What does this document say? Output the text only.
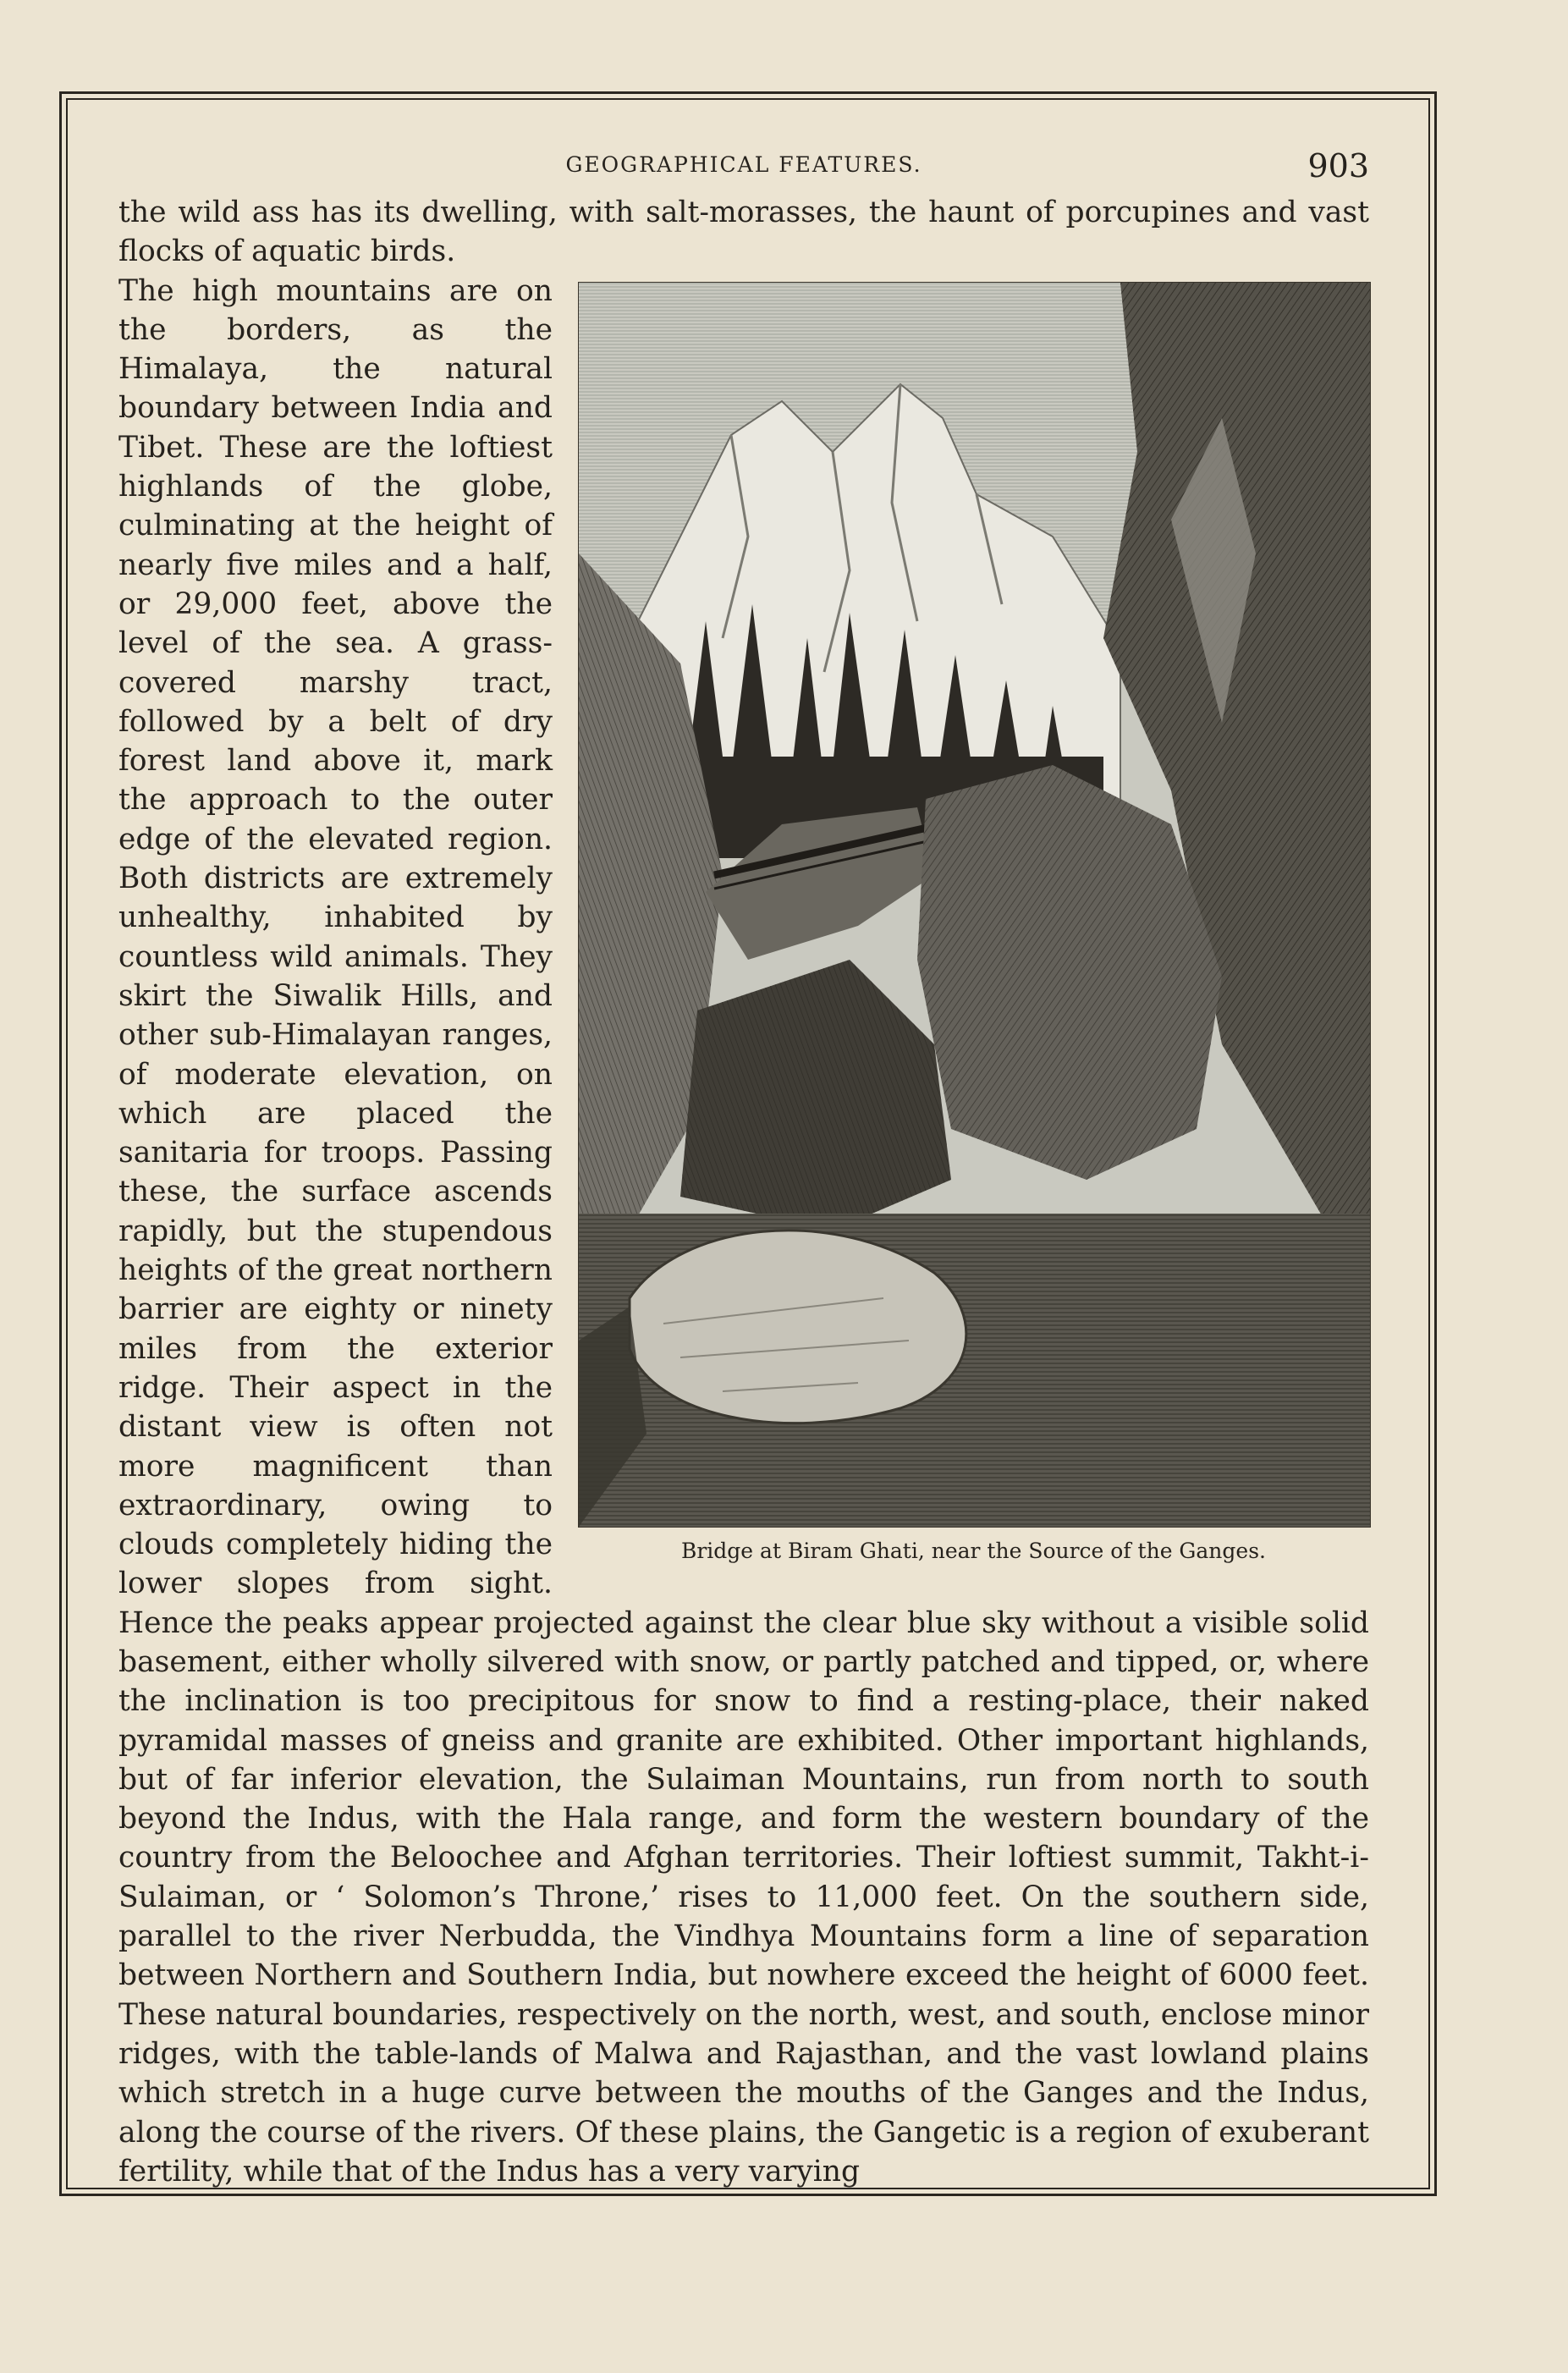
GEOGRAPHICAL FEATURES.	903

the wild ass has its dwelling, with salt-morasses, the haunt of porcupines and vast flocks of aquatic birds.

Bridge at Biram Ghati, near the Source of the Ganges.
The high mountains are on the borders, as the Himalaya, the natural boundary between India and Tibet. These are the loftiest highlands of the globe, culminating at the height of nearly five miles and a half, or 29,000 feet, above the level of the sea. A grass-covered marshy tract, followed by a belt of dry forest land above it, mark the approach to the outer edge of the elevated region. Both districts are extremely unhealthy, inhabited by countless wild animals. They skirt the Siwalik Hills, and other sub-Himalayan ranges, of moderate elevation, on which are placed the sanitaria for troops. Passing these, the surface ascends rapidly, but the stupendous heights of the great northern barrier are eighty or ninety miles from the exterior ridge. Their aspect in the distant view is often not more magnificent than extraordinary, owing to clouds completely hiding the lower slopes from sight. Hence the peaks appear projected against the clear blue sky without a visible solid basement, either wholly silvered with snow, or partly patched and tipped, or, where the inclination is too precipitous for snow to find a resting-place, their naked pyramidal masses of gneiss and granite are exhibited. Other important highlands, but of far inferior elevation, the Sulaiman Mountains, run from north to south beyond the Indus, with the Hala range, and form the western boundary of the country from the Beloochee and Afghan territories. Their loftiest summit, Takht-i-Sulaiman, or ‘ Solomon’s Throne,’ rises to 11,000 feet. On the southern side, parallel to the river Nerbudda, the Vindhya Mountains form a line of separation between Northern and Southern India, but nowhere exceed the height of 6000 feet. These natural boundaries, respectively on the north, west, and south, enclose minor ridges, with the table-lands of Malwa and Rajasthan, and the vast lowland plains which stretch in a huge curve between the mouths of the Ganges and the Indus, along the course of the rivers. Of these plains, the Gangetic is a region of exuberant fertility, while that of the Indus has a very varying
